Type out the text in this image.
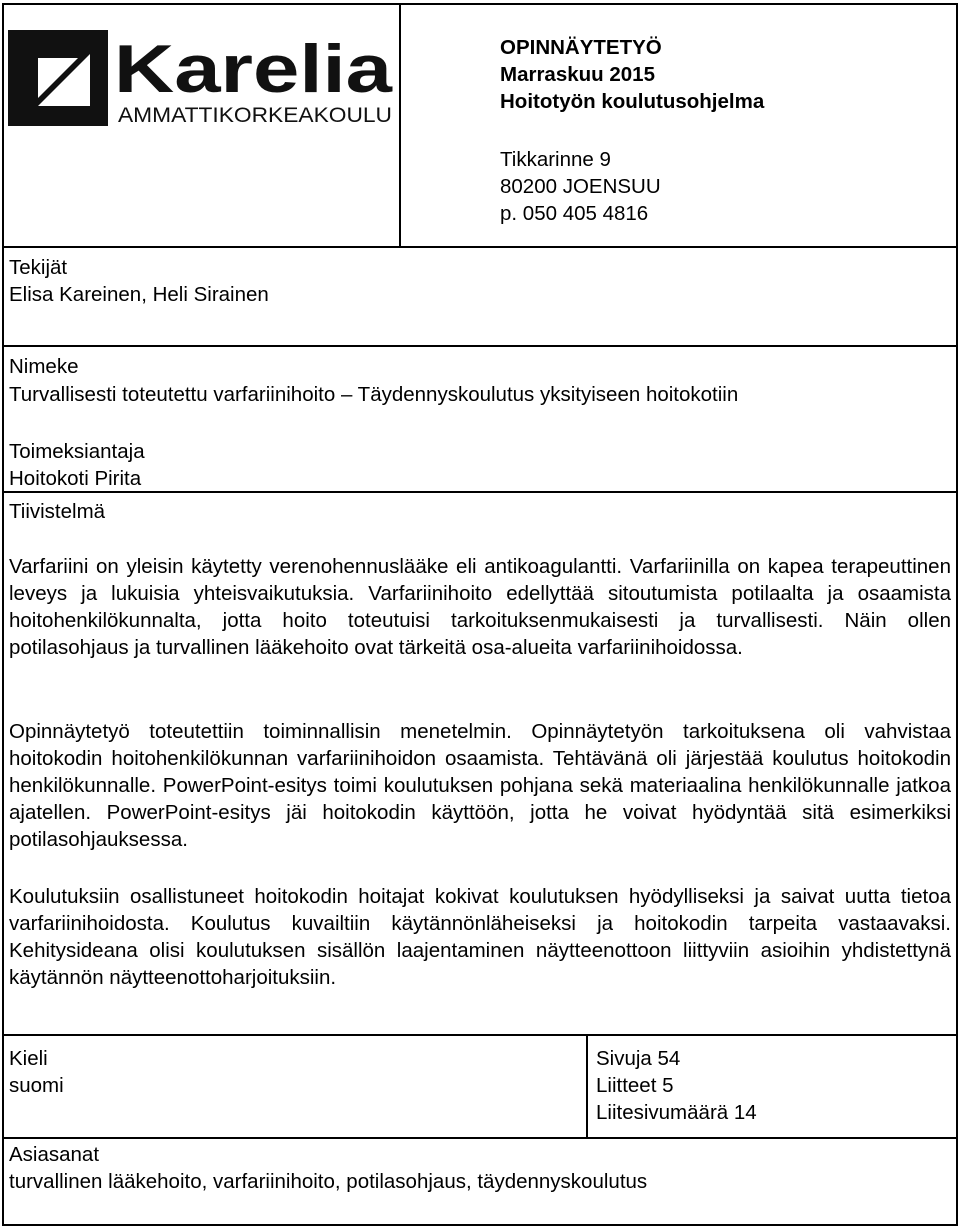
Karelia
AMMATTIKORKEAKOULU
OPINNÄYTETYÖ
Marraskuu 2015
Hoitotyön koulutusohjelma
Tikkarinne 9
80200 JOENSUU
p. 050 405 4816
Tekijät
Elisa Kareinen, Heli Sirainen
Nimeke
Turvallisesti toteutettu varfariinihoito – Täydennyskoulutus yksityiseen hoitokotiin
Toimeksiantaja
Hoitokoti Pirita
Tiivistelmä
Varfariini on yleisin käytetty verenohennuslääke eli antikoagulantti. Varfariinilla on kapea terapeuttinen leveys ja lukuisia yhteisvaikutuksia. Varfariinihoito edellyttää sitoutumista potilaalta ja osaamista hoitohenkilökunnalta, jotta hoito toteutuisi tarkoituksenmukaisesti ja turvallisesti. Näin ollen potilasohjaus ja turvallinen lääkehoito ovat tärkeitä osa-alueita varfariinihoidossa.
Opinnäytetyö toteutettiin toiminnallisin menetelmin. Opinnäytetyön tarkoituksena oli vahvistaa hoitokodin hoitohenkilökunnan varfariinihoidon osaamista. Tehtävänä oli järjestää koulutus hoitokodin henkilökunnalle. PowerPoint-esitys toimi koulutuksen pohjana sekä materiaalina henkilökunnalle jatkoa ajatellen. PowerPoint-esitys jäi hoitokodin käyttöön, jotta he voivat hyödyntää sitä esimerkiksi potilasohjauksessa.
Koulutuksiin osallistuneet hoitokodin hoitajat kokivat koulutuksen hyödylliseksi ja saivat uutta tietoa varfariinihoidosta. Koulutus kuvailtiin käytännönläheiseksi ja hoitokodin tarpeita vastaavaksi. Kehitysideana olisi koulutuksen sisällön laajentaminen näytteenottoon liittyviin asioihin yhdistettynä käytännön näytteenottoharjoituksiin.
Kieli
suomi
Sivuja 54
Liitteet 5
Liitesivumäärä 14
Asiasanat
turvallinen lääkehoito, varfariinihoito, potilasohjaus, täydennyskoulutus
